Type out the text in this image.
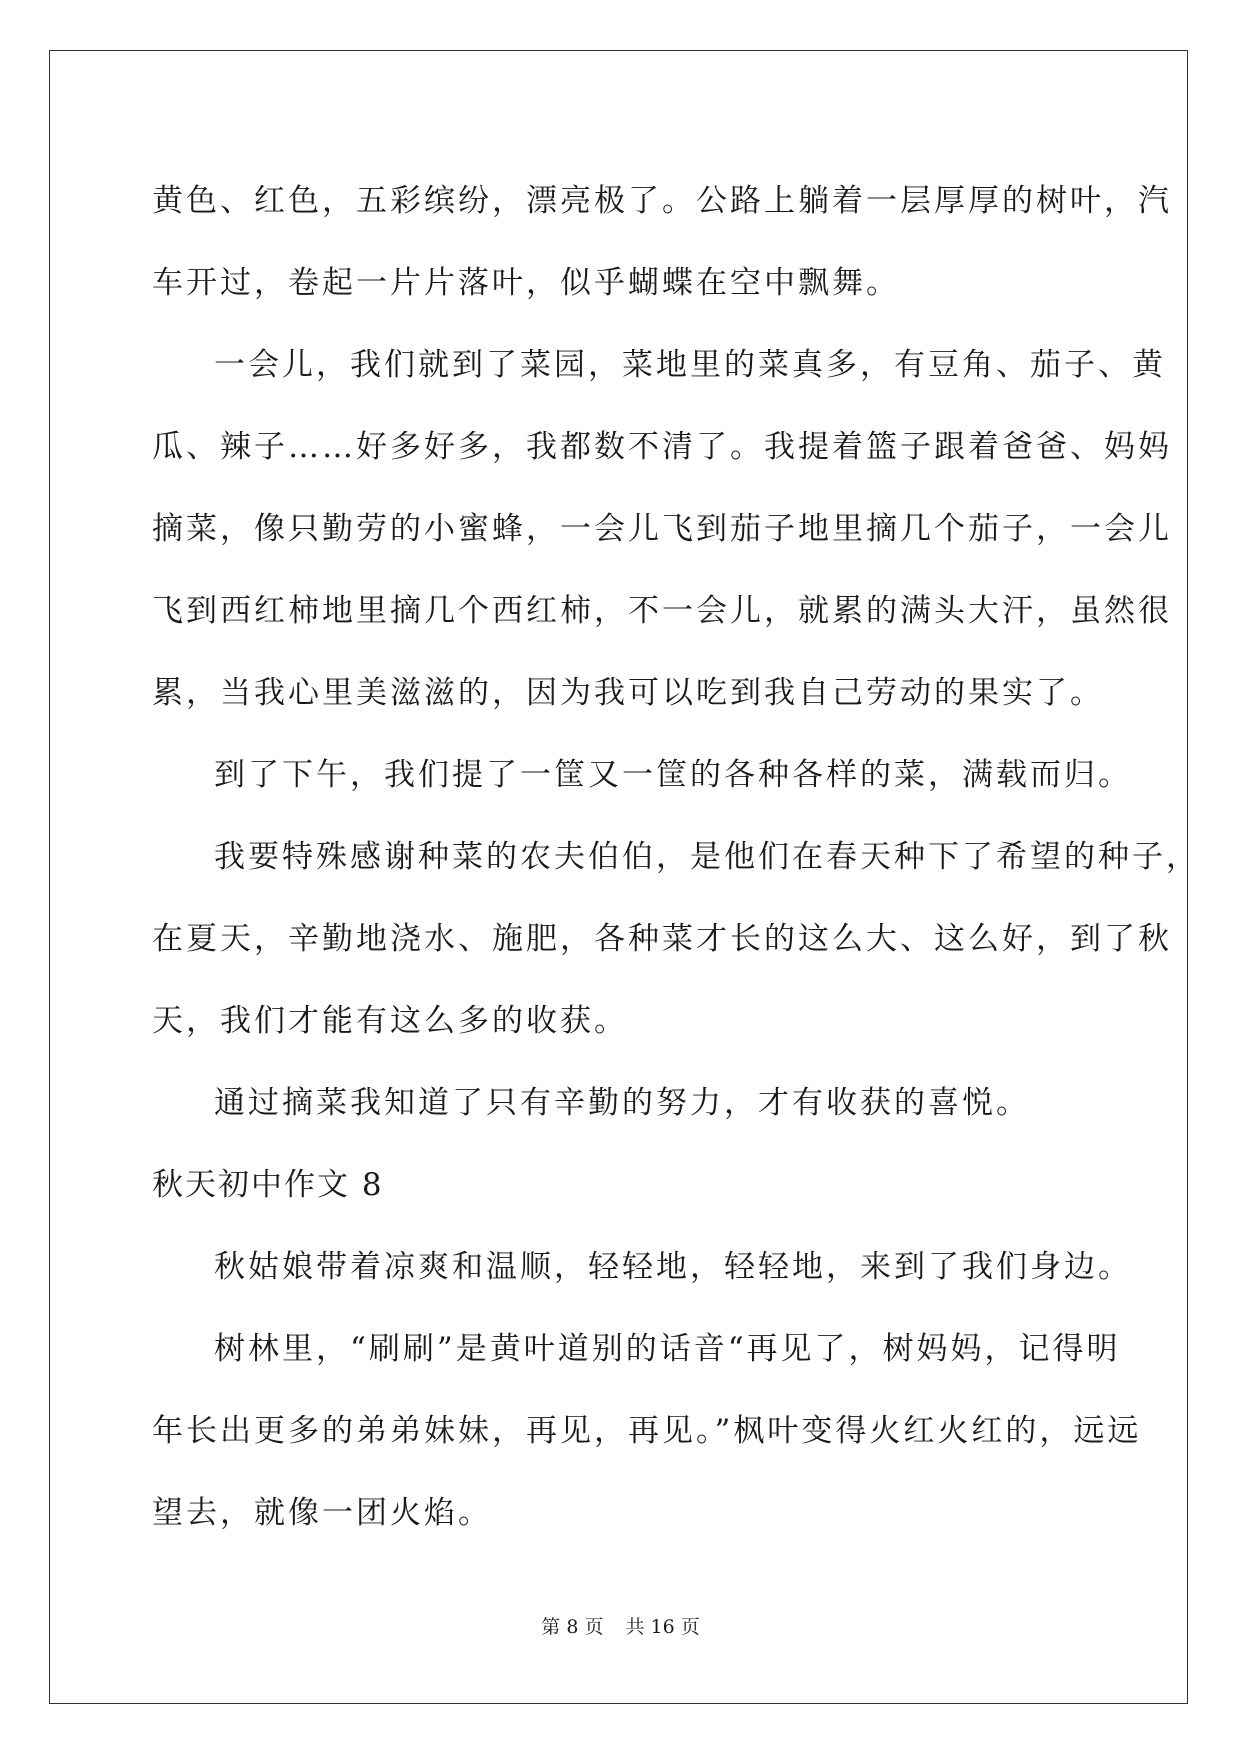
黄色、红色，五彩缤纷，漂亮极了。公路上躺着一层厚厚的树叶，汽
车开过，卷起一片片落叶，似乎蝴蝶在空中飘舞。
一会儿，我们就到了菜园，菜地里的菜真多，有豆角、茄子、黄
瓜、辣子……好多好多，我都数不清了。我提着篮子跟着爸爸、妈妈
摘菜，像只勤劳的小蜜蜂，一会儿飞到茄子地里摘几个茄子，一会儿
飞到西红柿地里摘几个西红柿，不一会儿，就累的满头大汗，虽然很
累，当我心里美滋滋的，因为我可以吃到我自己劳动的果实了。
到了下午，我们提了一筐又一筐的各种各样的菜，满载而归。
我要特殊感谢种菜的农夫伯伯，是他们在春天种下了希望的种子，
在夏天，辛勤地浇水、施肥，各种菜才长的这么大、这么好，到了秋
天，我们才能有这么多的收获。
通过摘菜我知道了只有辛勤的努力，才有收获的喜悦。
秋天初中作文 8
秋姑娘带着凉爽和温顺，轻轻地，轻轻地，来到了我们身边。
树林里，“刷刷”是黄叶道别的话音“再见了，树妈妈，记得明
年长出更多的弟弟妹妹，再见，再见。”枫叶变得火红火红的，远远
望去，就像一团火焰。
第 8 页 共 16 页
